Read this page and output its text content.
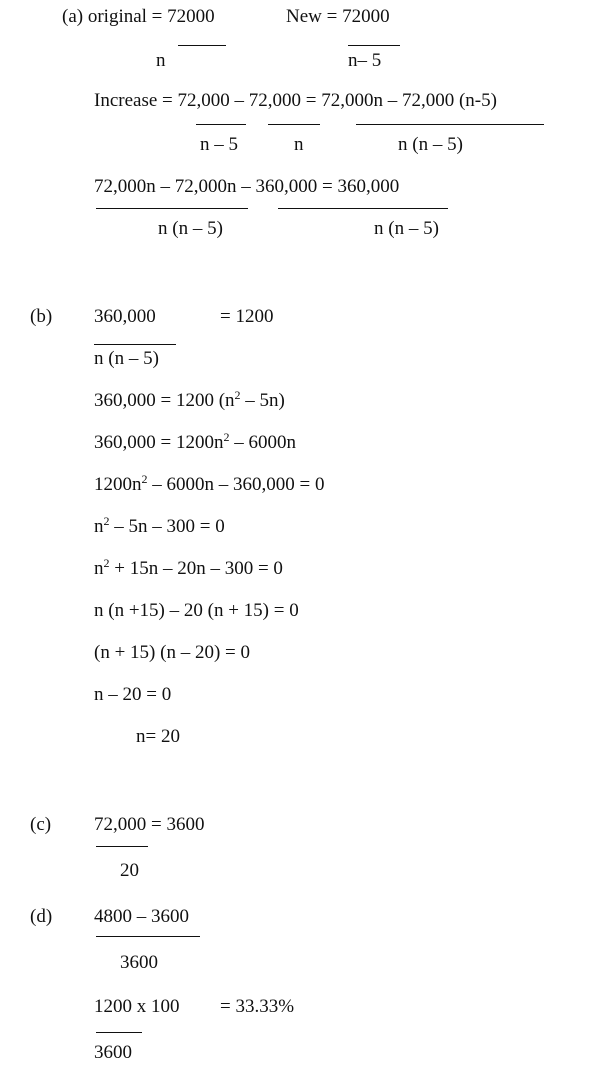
(a) original = 72000	New = 72000
n	n– 5
Increase = 72,000 – 72,000 = 72,000n – 72,000 (n-5)
n – 5	n	n (n – 5)
72,000n – 72,000n – 360,000 = 360,000
n (n – 5)	n (n – 5)
(b) 360,000	= 1200
n (n – 5)
360,000 = 1200 $(n^2 - 5n)$
$360,000 = 1200n^2 - 6000n$
$1200n^2 - 6000n - 360,000 = 0$
$n^2 - 5n - 300 = 0$
$n^2 + 15n - 20n - 300 = 0$
n (n +15) – 20 (n + 15) = 0
(n + 15) (n – 20) = 0
n – 20 = 0
n= 20
(c) 72,000 = 3600
20
(d) 4800 – 3600
3600
1200 x 100 = 33.33%
3600
